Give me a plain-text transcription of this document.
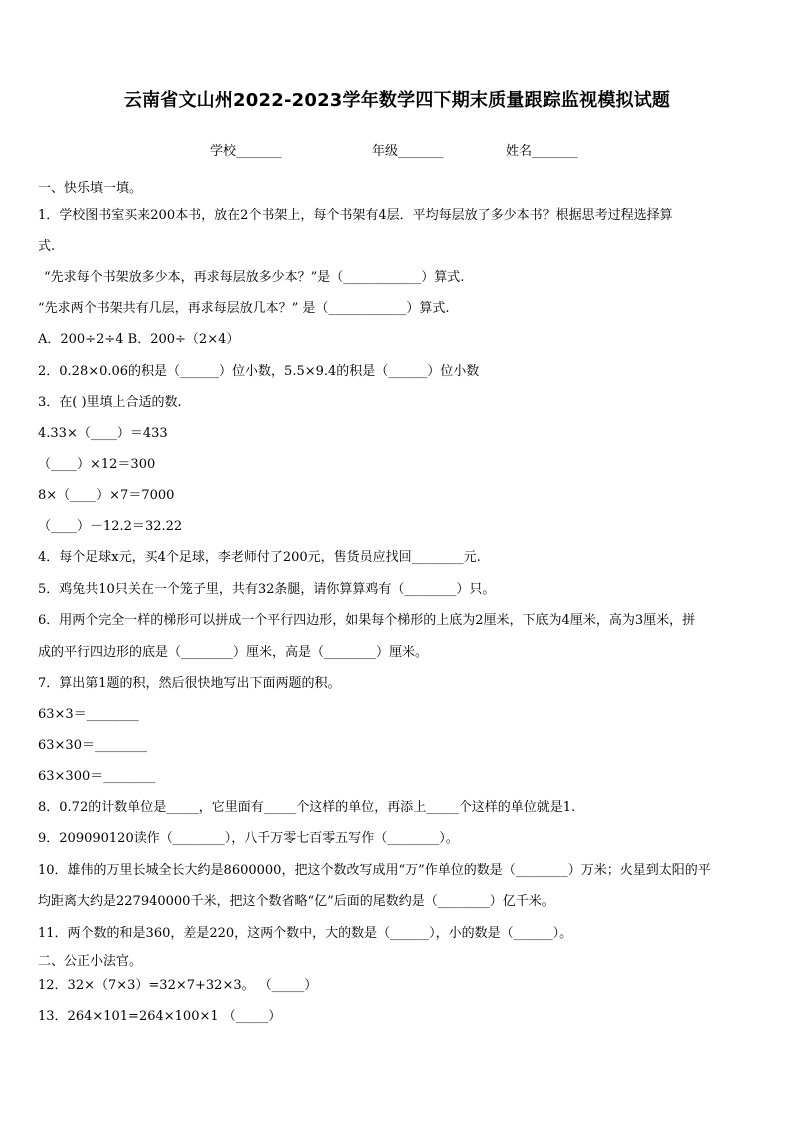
云南省文山州2022-2023学年数学四下期末质量跟踪监视模拟试题
学校_______	年级_______	姓名_______
一、快乐填一填。
1．学校图书室买来200本书，放在2个书架上，每个书架有4层．平均每层放了多少本书？根据思考过程选择算
式.
“先求每个书架放多少本，再求每层放多少本？”是（____________）算式.
“先求两个书架共有几层，再求每层放几本？” 是（____________）算式.
A．200÷2÷4 B．200÷（2×4）
2．0.28×0.06的积是（______）位小数，5.5×9.4的积是（______）位小数
3．在( )里填上合适的数.
4.33×（____）＝433
（____）×12＝300
8×（____）×7＝7000
（____）－12.2＝32.22
4．每个足球x元，买4个足球，李老师付了200元，售货员应找回________元.
5．鸡兔共10只关在一个笼子里，共有32条腿，请你算算鸡有（________）只。
6．用两个完全一样的梯形可以拼成一个平行四边形，如果每个梯形的上底为2厘米，下底为4厘米，高为3厘米，拼
成的平行四边形的底是（________）厘米，高是（________）厘米。
7．算出第1题的积，然后很快地写出下面两题的积。
63×3＝________
63×30＝________
63×300＝________
8．0.72的计数单位是_____，它里面有_____个这样的单位，再添上_____个这样的单位就是1.
9．209090120读作（________），八千万零七百零五写作（________）。
10．雄伟的万里长城全长大约是8600000，把这个数改写成用“万”作单位的数是（________）万米；火星到太阳的平
均距离大约是227940000千米，把这个数省略“亿”后面的尾数约是（________）亿千米。
11．两个数的和是360，差是220，这两个数中，大的数是（______），小的数是（______）。
二、公正小法官。
12．32×（7×3）=32×7+32×3。 （_____）
13．264×101=264×100×1 （_____）
